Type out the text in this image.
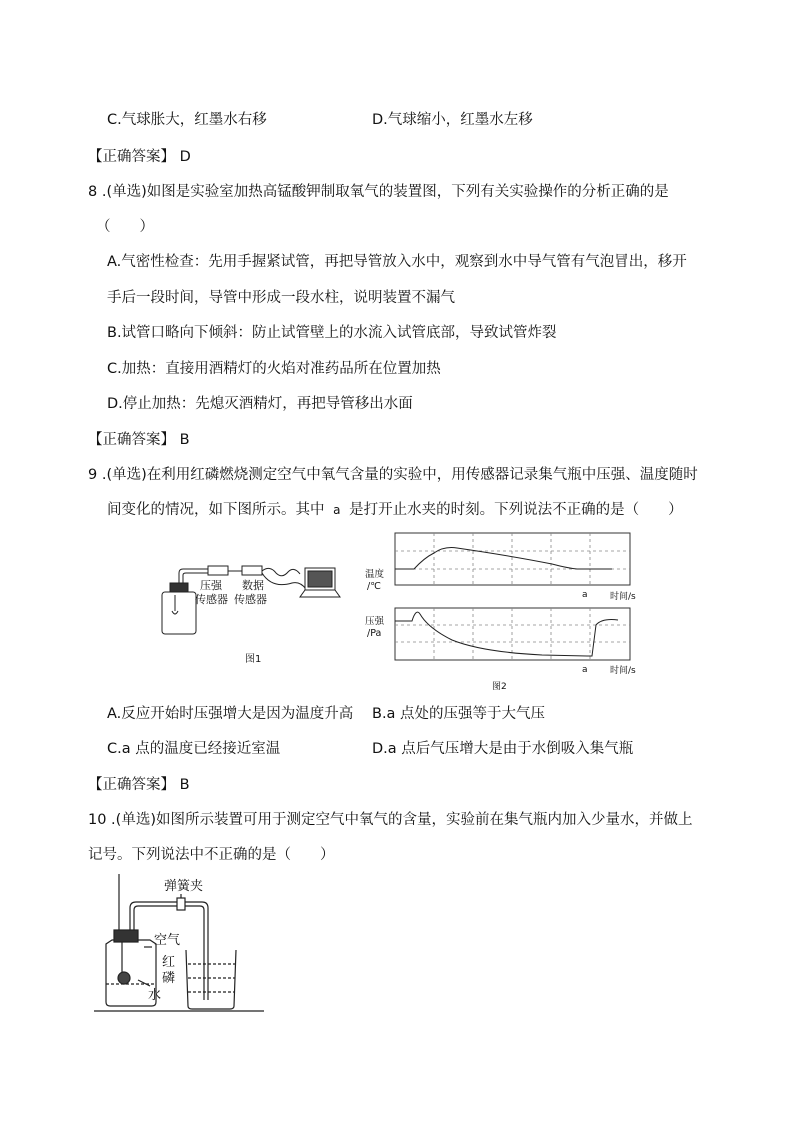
C.气球胀大，红墨水右移	D.气球缩小，红墨水左移
【正确答案】 D
8 .(单选)如图是实验室加热高锰酸钾制取氧气的装置图，下列有关实验操作的分析正确的是
（　　）
A.气密性检查：先用手握紧试管，再把导管放入水中，观察到水中导气管有气泡冒出，移开
手后一段时间，导管中形成一段水柱，说明装置不漏气
B.试管口略向下倾斜：防止试管壁上的水流入试管底部，导致试管炸裂
C.加热：直接用酒精灯的火焰对准药品所在位置加热
D.停止加热：先熄灭酒精灯，再把导管移出水面
【正确答案】 B
9 .(单选)在利用红磷燃烧测定空气中氧气含量的实验中，用传感器记录集气瓶中压强、温度随时
间变化的情况，如下图所示。其中 a 是打开止水夹的时刻。下列说法不正确的是（　　）
压强
传感器
数据
传感器
图1
温度
/℃
时间/s
a
压强
/Pa
时间/s
a
图2
A.反应开始时压强增大是因为温度升高 B.a 点处的压强等于大气压
C.a 点的温度已经接近室温	D.a 点后气压增大是由于水倒吸入集气瓶
【正确答案】 B
10 .(单选)如图所示装置可用于测定空气中氧气的含量，实验前在集气瓶内加入少量水，并做上
记号。下列说法中不正确的是（　　）
弹簧夹
空气
红
磷
水
